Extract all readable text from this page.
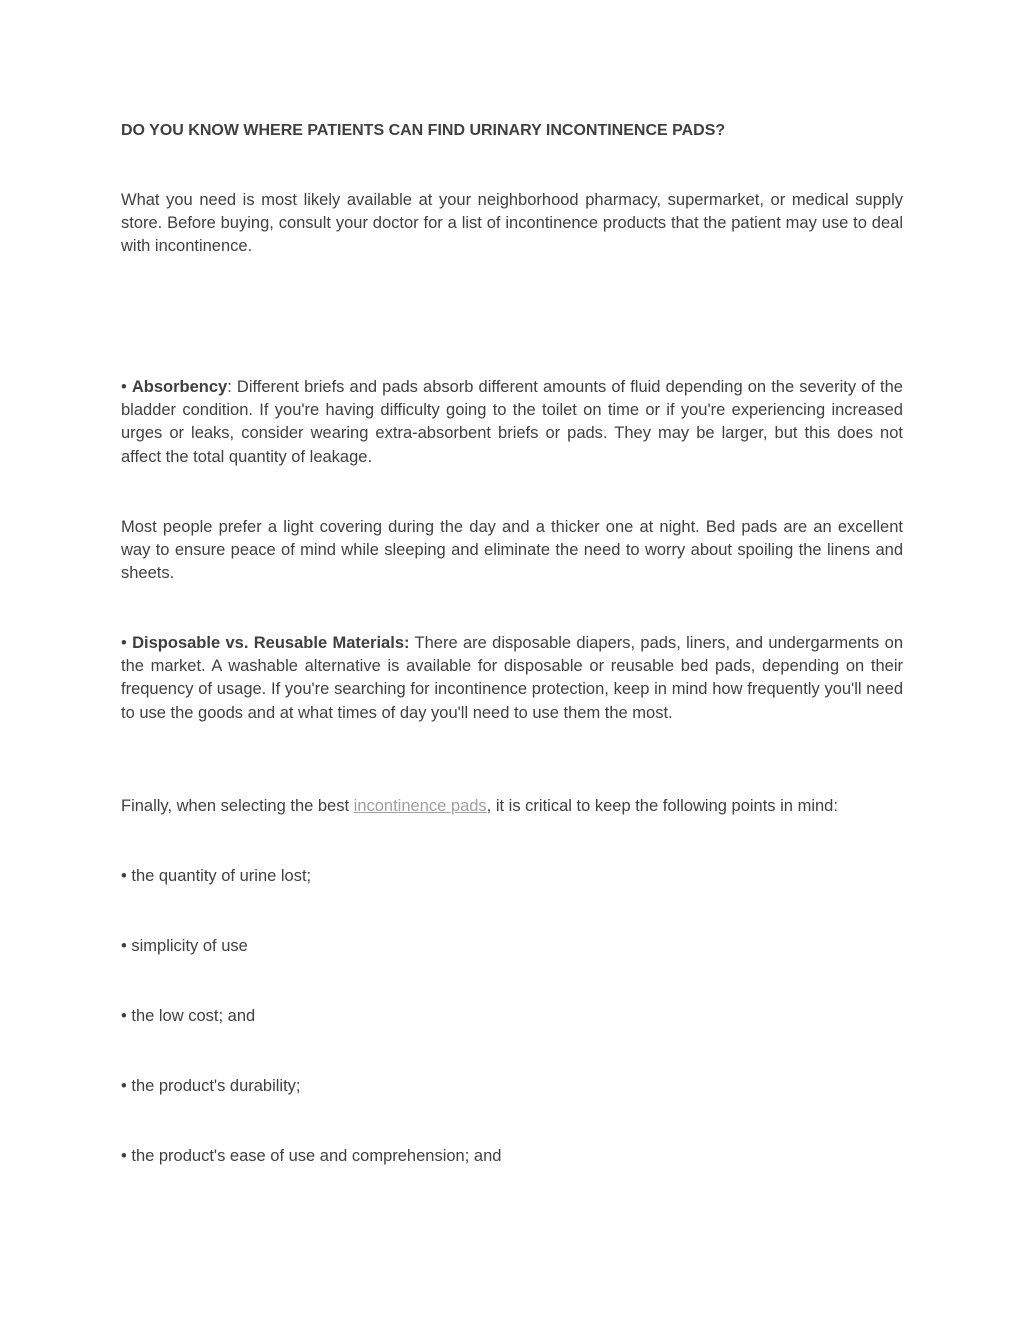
DO YOU KNOW WHERE PATIENTS CAN FIND URINARY INCONTINENCE PADS?

What you need is most likely available at your neighborhood pharmacy, supermarket, or medical supply store. Before buying, consult your doctor for a list of incontinence products that the patient may use to deal with incontinence.

• Absorbency: Different briefs and pads absorb different amounts of fluid depending on the severity of the bladder condition. If you're having difficulty going to the toilet on time or if you're experiencing increased urges or leaks, consider wearing extra-absorbent briefs or pads. They may be larger, but this does not affect the total quantity of leakage.

Most people prefer a light covering during the day and a thicker one at night. Bed pads are an excellent way to ensure peace of mind while sleeping and eliminate the need to worry about spoiling the linens and sheets.

• Disposable vs. Reusable Materials: There are disposable diapers, pads, liners, and undergarments on the market. A washable alternative is available for disposable or reusable bed pads, depending on their frequency of usage. If you're searching for incontinence protection, keep in mind how frequently you'll need to use the goods and at what times of day you'll need to use them the most.

Finally, when selecting the best incontinence pads, it is critical to keep the following points in mind:

• the quantity of urine lost;

• simplicity of use

• the low cost; and

• the product's durability;

• the product's ease of use and comprehension; and
